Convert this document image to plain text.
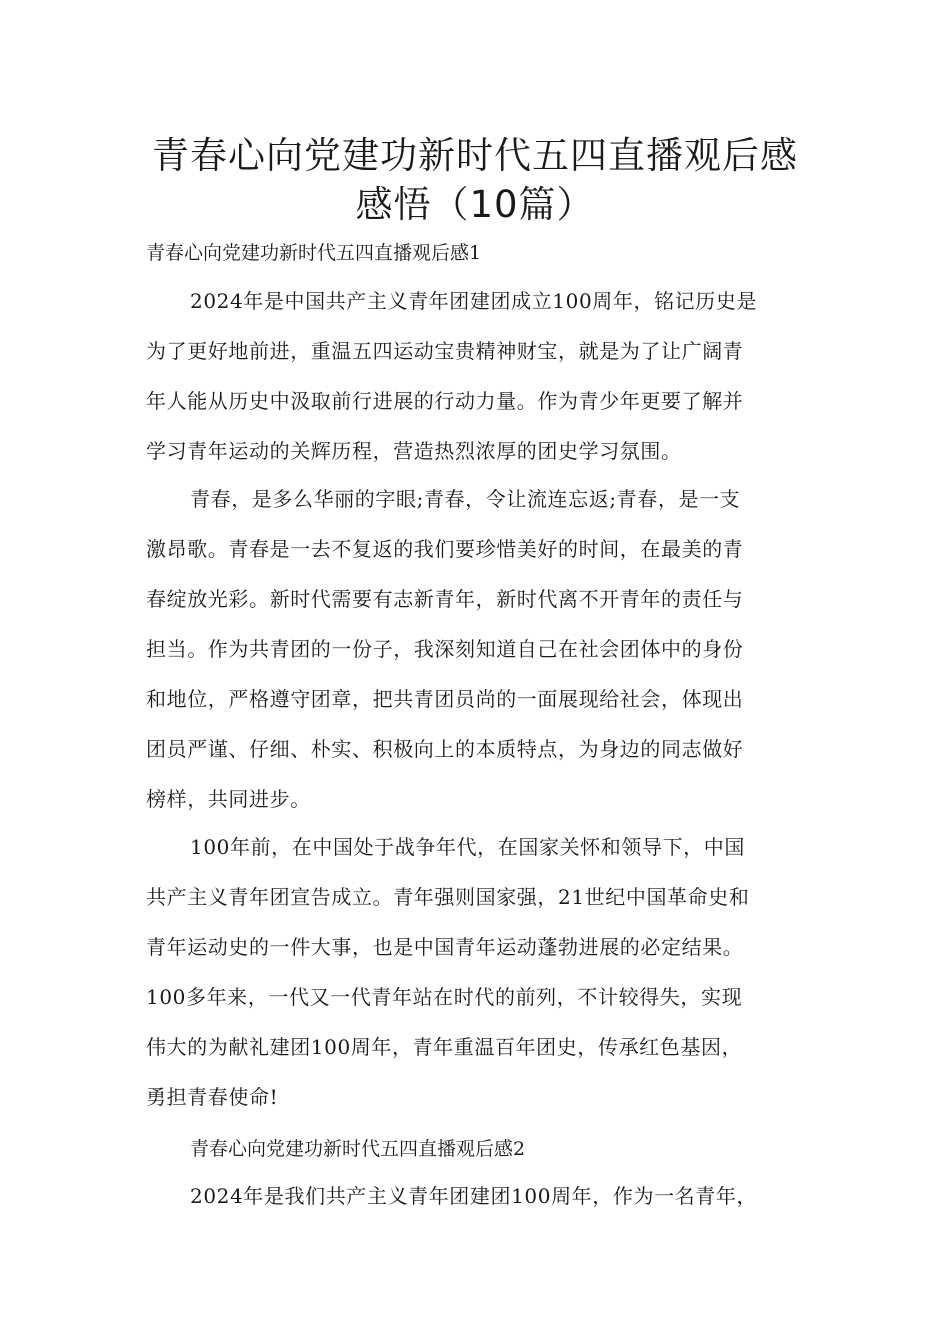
青春心向党建功新时代五四直播观后感
感悟（10篇）

青春心向党建功新时代五四直播观后感1

2024年是中国共产主义青年团建团成立100周年，铭记历史是
为了更好地前进，重温五四运动宝贵精神财宝，就是为了让广阔青
年人能从历史中汲取前行进展的行动力量。作为青少年更要了解并
学习青年运动的关辉历程，营造热烈浓厚的团史学习氛围。
青春，是多么华丽的字眼;青春，令让流连忘返;青春，是一支
激昂歌。青春是一去不复返的我们要珍惜美好的时间，在最美的青
春绽放光彩。新时代需要有志新青年，新时代离不开青年的责任与
担当。作为共青团的一份子，我深刻知道自己在社会团体中的身份
和地位，严格遵守团章，把共青团员尚的一面展现给社会，体现出
团员严谨、仔细、朴实、积极向上的本质特点，为身边的同志做好
榜样，共同进步。
100年前，在中国处于战争年代，在国家关怀和领导下，中国
共产主义青年团宣告成立。青年强则国家强，21世纪中国革命史和
青年运动史的一件大事，也是中国青年运动蓬勃进展的必定结果。
100多年来，一代又一代青年站在时代的前列，不计较得失，实现
伟大的为献礼建团100周年，青年重温百年团史，传承红色基因，
勇担青春使命!

青春心向党建功新时代五四直播观后感2

2024年是我们共产主义青年团建团100周年，作为一名青年，
